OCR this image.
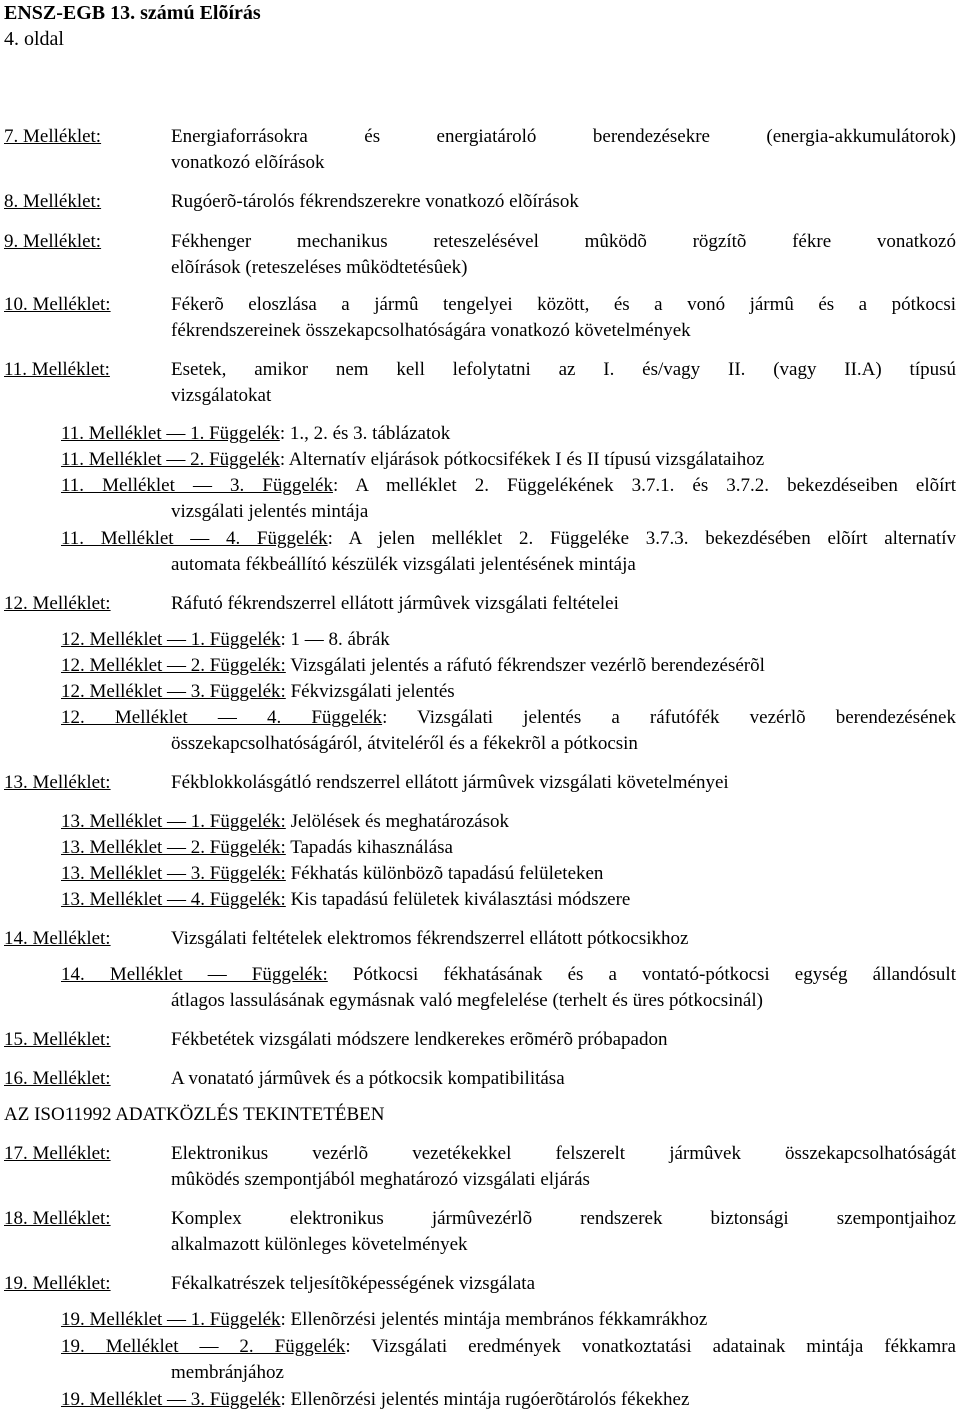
ENSZ-EGB 13. számú Elõírás
4. oldal
7. Melléklet:	Energiaforrásokra és energiatároló berendezésekre (energia-akkumulátorok)
vonatkozó elõírások
8. Melléklet:	Rugóerõ-tárolós fékrendszerekre vonatkozó elõírások
9. Melléklet:	Fékhenger mechanikus reteszelésével mûködõ rögzítõ fékre vonatkozó
elõírások (reteszeléses mûködtetésûek)
10. Melléklet:	Fékerõ eloszlása a jármû tengelyei között, és a vonó jármû és a pótkocsi
fékrendszereinek összekapcsolhatóságára vonatkozó követelmények
11. Melléklet:	Esetek, amikor nem kell lefolytatni az I. és/vagy II. (vagy II.A) típusú
vizsgálatokat
11. Melléklet — 1. Függelék: 1., 2. és 3. táblázatok
11. Melléklet — 2. Függelék: Alternatív eljárások pótkocsifékek I és II típusú vizsgálataihoz
11. Melléklet — 3. Függelék: A melléklet 2. Függelékének 3.7.1. és 3.7.2. bekezdéseiben elõírt
vizsgálati jelentés mintája
11. Melléklet — 4. Függelék: A jelen melléklet 2. Függeléke 3.7.3. bekezdésében elõírt alternatív
automata fékbeállító készülék vizsgálati jelentésének mintája
12. Melléklet:	Ráfutó fékrendszerrel ellátott jármûvek vizsgálati feltételei
12. Melléklet — 1. Függelék: 1 — 8. ábrák
12. Melléklet — 2. Függelék: Vizsgálati jelentés a ráfutó fékrendszer vezérlõ berendezésérõl
12. Melléklet — 3. Függelék: Fékvizsgálati jelentés
12. Melléklet — 4. Függelék: Vizsgálati jelentés a ráfutófék vezérlõ berendezésének
összekapcsolhatóságáról, átviteléről és a fékekrõl a pótkocsin
13. Melléklet:	Fékblokkolásgátló rendszerrel ellátott jármûvek vizsgálati követelményei
13. Melléklet — 1. Függelék: Jelölések és meghatározások
13. Melléklet — 2. Függelék: Tapadás kihasználása
13. Melléklet — 3. Függelék: Fékhatás különbözõ tapadású felületeken
13. Melléklet — 4. Függelék: Kis tapadású felületek kiválasztási módszere
14. Melléklet:	Vizsgálati feltételek elektromos fékrendszerrel ellátott pótkocsikhoz
14. Melléklet — Függelék: Pótkocsi fékhatásának és a vontató-pótkocsi egység állandósult
átlagos lassulásának egymásnak való megfelelése (terhelt és üres pótkocsinál)
15. Melléklet:	Fékbetétek vizsgálati módszere lendkerekes erõmérõ próbapadon
16. Melléklet:	A vonatató jármûvek és a pótkocsik kompatibilitása
AZ ISO11992 ADATKÖZLÉS TEKINTETÉBEN
17. Melléklet:	Elektronikus vezérlõ vezetékekkel felszerelt jármûvek összekapcsolhatóságát
mûködés szempontjából meghatározó vizsgálati eljárás
18. Melléklet:	Komplex elektronikus jármûvezérlõ rendszerek biztonsági szempontjaihoz
alkalmazott különleges követelmények
19. Melléklet:	Fékalkatrészek teljesítõképességének vizsgálata
19. Melléklet — 1. Függelék: Ellenõrzési jelentés mintája membrános fékkamrákhoz
19. Melléklet — 2. Függelék: Vizsgálati eredmények vonatkoztatási adatainak mintája fékkamra
membránjához
19. Melléklet — 3. Függelék: Ellenõrzési jelentés mintája rugóerõtárolós fékekhez
